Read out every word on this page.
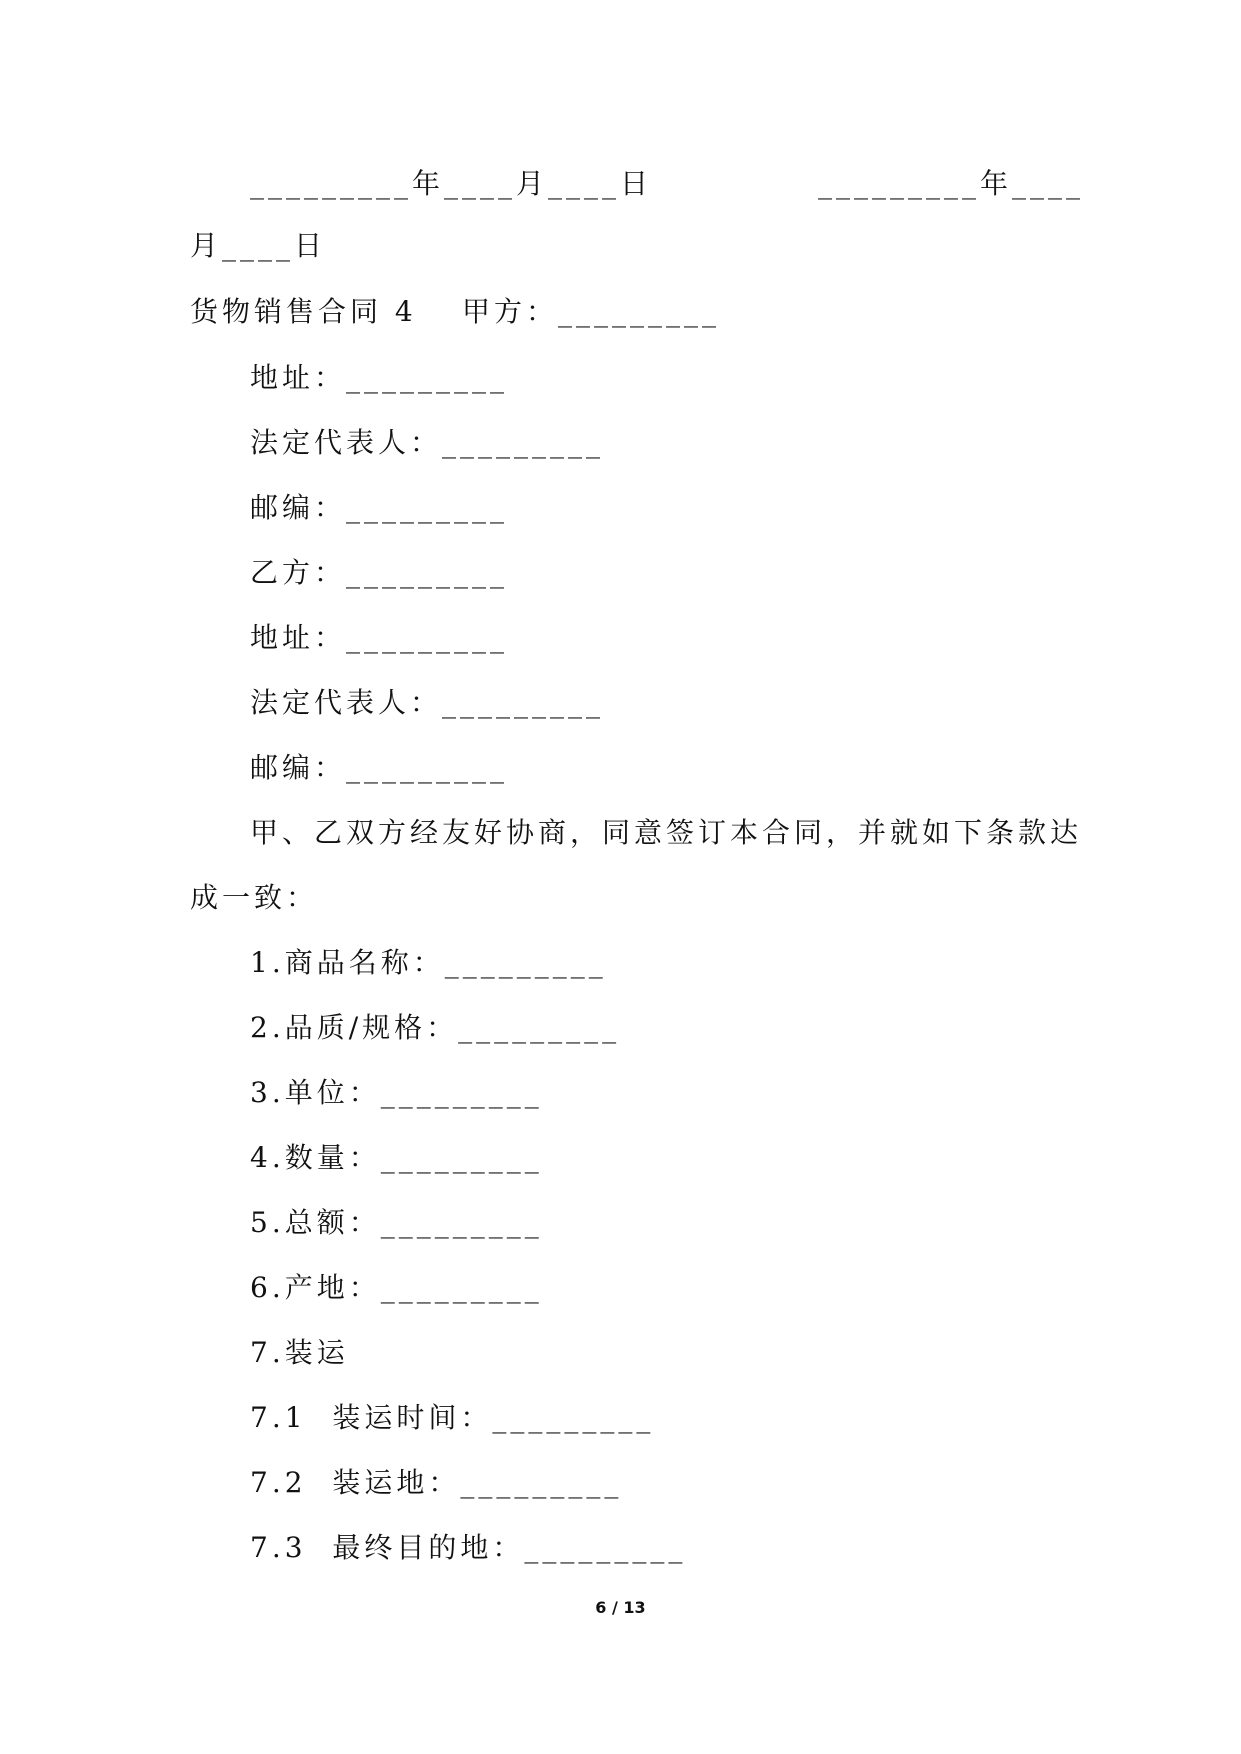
_________年____月____日	_________年____
月____日
货物销售合同 4 甲方：_________
地址：_________
法定代表人：_________
邮编：_________
乙方：_________
地址：_________
法定代表人：_________
邮编：_________
甲、乙双方经友好协商，同意签订本合同，并就如下条款达
成一致：
1.商品名称：_________
2.品质/规格：_________
3.单位：_________
4.数量：_________
5.总额：_________
6.产地：_________
7.装运
7.1  装运时间：_________
7.2  装运地：_________
7.3  最终目的地：_________
6 / 13
